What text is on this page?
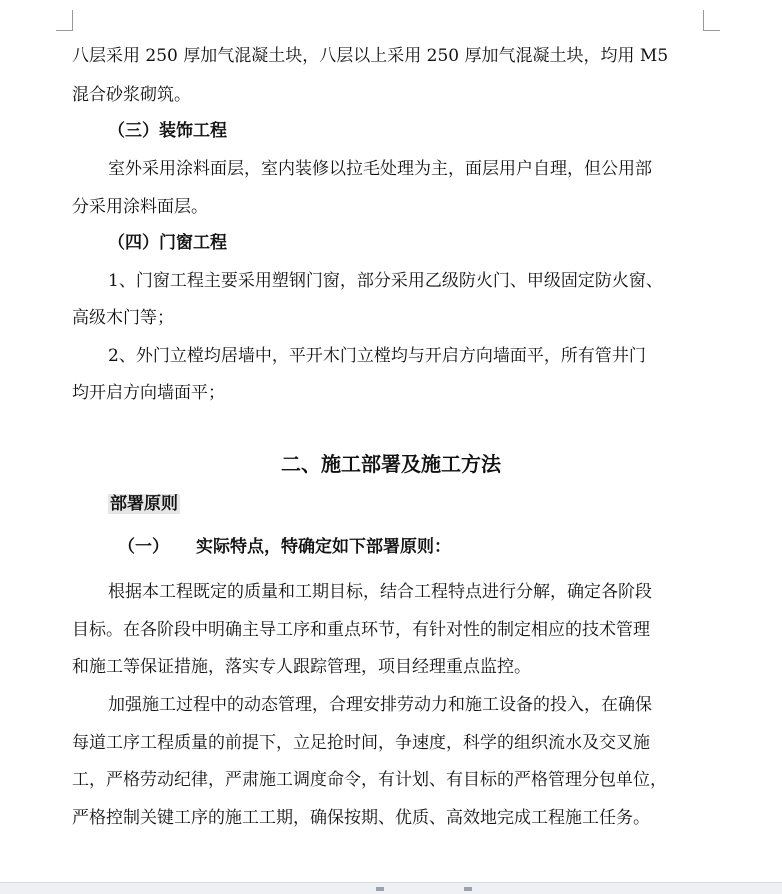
八层采用 250 厚加气混凝土块，八层以上采用 250 厚加气混凝土块，均用 M5
混合砂浆砌筑。
（三）装饰工程
室外采用涂料面层，室内装修以拉毛处理为主，面层用户自理，但公用部
分采用涂料面层。
（四）门窗工程
1、门窗工程主要采用塑钢门窗，部分采用乙级防火门、甲级固定防火窗、
高级木门等；
2、外门立樘均居墙中，平开木门立樘均与开启方向墙面平，所有管井门
均开启方向墙面平；
二、施工部署及施工方法
部署原则
（一） 实际特点，特确定如下部署原则：
根据本工程既定的质量和工期目标，结合工程特点进行分解，确定各阶段
目标。在各阶段中明确主导工序和重点环节，有针对性的制定相应的技术管理
和施工等保证措施，落实专人跟踪管理，项目经理重点监控。
加强施工过程中的动态管理，合理安排劳动力和施工设备的投入，在确保
每道工序工程质量的前提下，立足抢时间，争速度，科学的组织流水及交叉施
工，严格劳动纪律，严肃施工调度命令，有计划、有目标的严格管理分包单位，
严格控制关键工序的施工工期，确保按期、优质、高效地完成工程施工任务。
